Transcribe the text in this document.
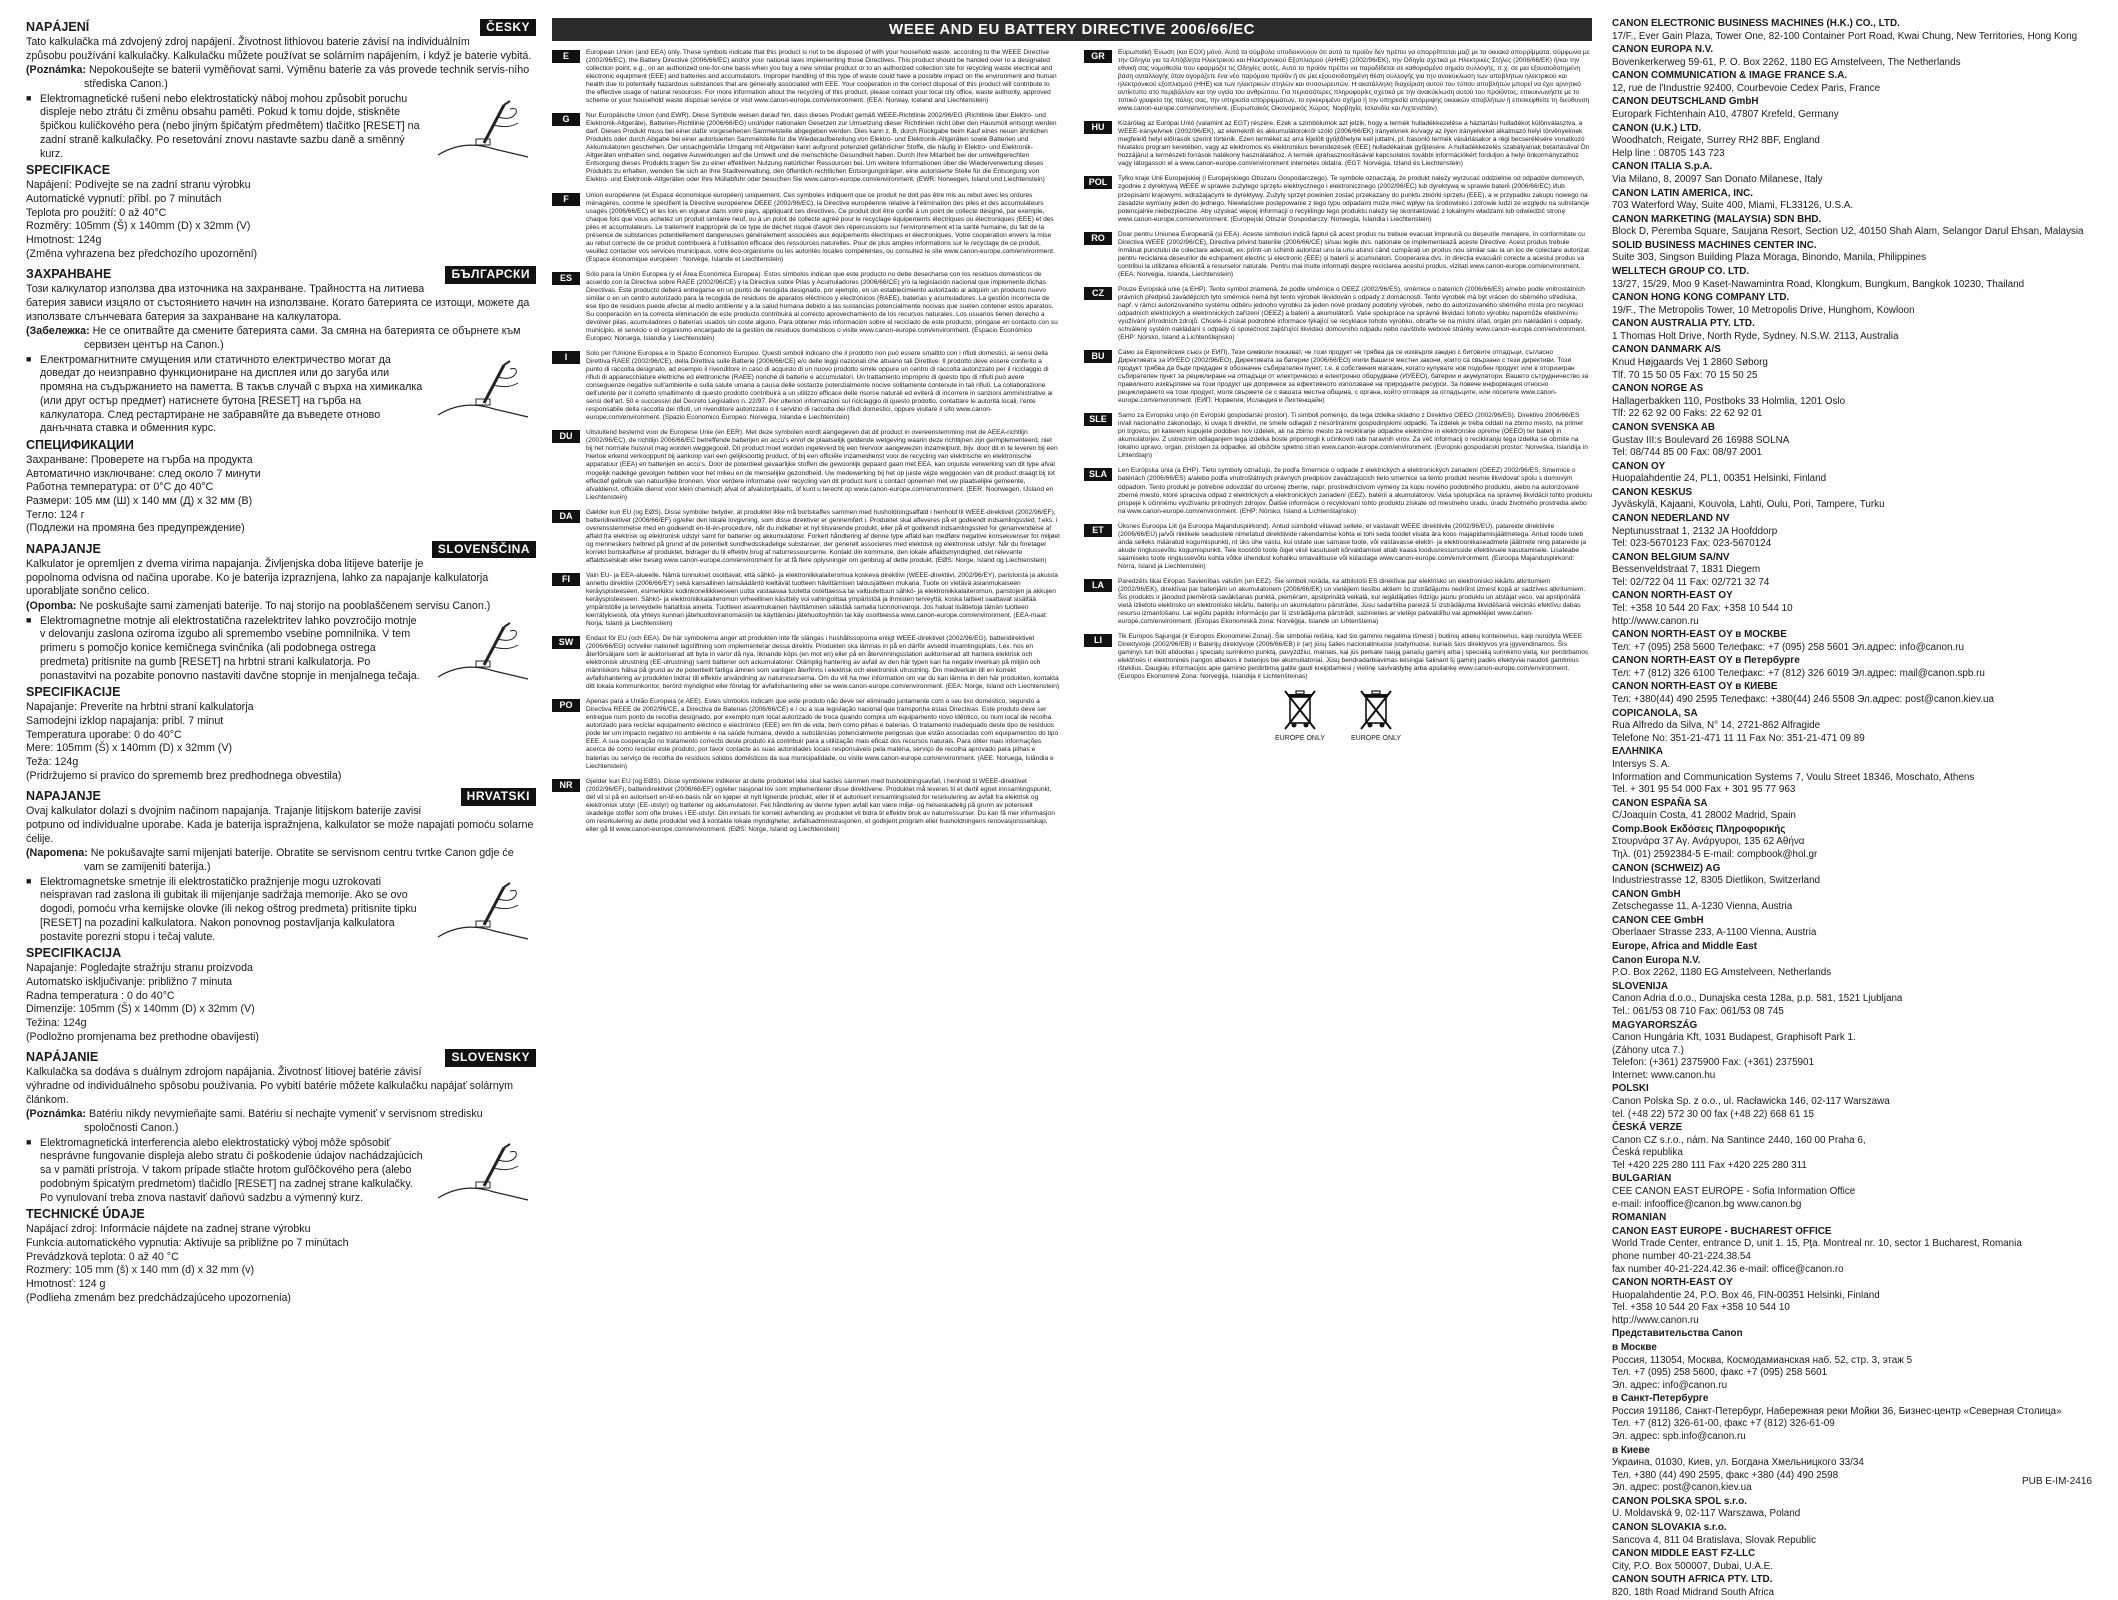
ČESKY
NAPÁJENÍ
Tato kalkulačka má zdvojený zdroj napájení. Životnost lithiovou baterie závisí na individuálním způsobu používání kalkulačky. Kalkulačku můžete používat se solárním napájením, i když je baterie vybitá.
(Poznámka: Nepokoušejte se baterii vyměňovat sami. Výměnu baterie za vás provede technik servis-ního střediska Canon.)
■ Elektromagnetické rušení nebo elektrostatický náboj mohou způsobit poruchu displeje nebo ztrátu či změnu obsahu paměti. Pokud k tomu dojde, stiskněte špičkou kuličkového pera (nebo jiným špičatým předmětem) tlačítko [RESET] na zadní straně kalkulačky. Po resetování znovu nastavte sazbu daně a směnný kurz.
SPECIFIKACE
Napájení: Podívejte se na zadní stranu výrobku
Automatické vypnutí: přibl. po 7 minutách
Teplota pro použití: 0 až 40°C
Rozměry: 105mm (Š) x 140mm (D) x 32mm (V)
Hmotnost: 124g
(Změna vyhrazena bez předchozího upozornění)
БЪЛГАРСКИ
ЗАХРАНВАНЕ
Този калкулатор използва два източника на захранване. Трайността на литиева батерия зависи изцяло от състоянието начин на използване. Когато батерията се изтощи, можете да използвате слънчевата батерия за захранване на калкулатора.
(Забележка: Не се опитвайте да смените батерията сами. За смяна на батерията се обърнете към сервизен център на Canon.)
■ Електромагнитните смущения или статичното електричество могат да доведат до неизправно функциониране на дисплея или до загуба или промяна на съдържанието на паметта. В такъв случай с върха на химикалка (или друг остър предмет) натиснете бутона [RESET] на гърба на калкулатора. След рестартиране не забравяйте да въведете отново данъчната ставка и обменния курс.
СПЕЦИФИКАЦИИ
Захранване: Проверете на гърба на продукта
Автоматично изключване: след около 7 минути
Работна температура: от 0°C до 40°C
Размери: 105 мм (Ш) х 140 мм (Д) х 32 мм (В)
Тегло: 124 г
(Подлежи на промяна без предупреждение)
SLOVENŠČINA
NAPAJANJE
Kalkulator je opremljen z dvema virima napajanja. Življenjska doba litijeve baterije je popolnoma odvisna od načina uporabe. Ko je baterija izpraznjena, lahko za napajanje kalkulatorja uporabljate sončno celico.
(Opomba: Ne poskušajte sami zamenjati baterije. To naj storijo na pooblaščenem servisu Canon.)
■ Elektromagnetne motnje ali elektrostatična razelektritev lahko povzročijo motnje v delovanju zaslona oziroma izgubo ali spremembo vsebine pomnilnika. V tem primeru s pomočjo konice kemičnega svinčnika (ali podobnega ostrega predmeta) pritisnite na gumb [RESET] na hrbtni strani kalkulatorja. Po ponastavitvi na pozabite ponovno nastaviti davčne stopnje in menjalnega tečaja.
SPECIFIKACIJE
Napajanje: Preverite na hrbtni strani kalkulatorja
Samodejni izklop napajanja: pribl. 7 minut
Temperatura uporabe: 0 do 40°C
Mere: 105mm (Š) x 140mm (D) x 32mm (V)
Teža: 124g
(Pridržujemo si pravico do sprememb brez predhodnega obvestila)
HRVATSKI
NAPAJANJE
Ovaj kalkulator dolazi s dvojnim načinom napajanja. Trajanje litijskom baterije zavisi potpuno od individualne uporabe. Kada je baterija ispražnjena, kalkulator se može napajati pomoću solarne ćelije.
(Napomena: Ne pokušavajte sami mijenjati baterije. Obratite se servisnom centru tvrtke Canon gdje će vam se zamijeniti baterija.)
■ Elektromagnetske smetnje ili elektrostatičko pražnjenje mogu uzrokovati neispravan rad zaslona ili gubitak ili mijenjanje sadržaja memorije. Ako se ovo dogodi, pomoću vrha kemijske olovke (ili nekog oštrog predmeta) pritisnite tipku [RESET] na pozadini kalkulatora. Nakon ponovnog postavljanja kalkulatora postavite porezni stopu i tečaj valute.
SPECIFIKACIJA
Napajanje: Pogledajte stražnju stranu proizvoda
Automatsko isključivanje: približno 7 minuta
Radna temperatura : 0 do 40°C
Dimenzije: 105mm (Š) x 140mm (D) x 32mm (V)
Težina: 124g
(Podložno promjenama bez prethodne obavijesti)
SLOVENSKY
NAPÁJANIE
Kalkulačka sa dodáva s duálnym zdrojom napájania. Životnosť lítiovej batérie závisí výhradne od individuálneho spôsobu používania. Po vybití batérie môžete kalkulačku napájať solárnym článkom.
(Poznámka: Batériu nikdy nevymieňajte sami. Batériu si nechajte vymeniť v servisnom stredisku spoločnosti Canon.)
■ Elektromagnetická interferencia alebo elektrostatický výboj môže spôsobiť nesprávne fungovanie displeja alebo stratu či poškodenie údajov nachádzajúcich sa v pamäti prístroja. V takom prípade stlačte hrotom guľôčkového pera (alebo podobným špicatým predmetom) tlačidlo [RESET] na zadnej strane kalkulačky. Po vynulovaní treba znova nastaviť daňovú sadzbu a výmenný kurz.
TECHNICKÉ ÚDAJE
Napájací zdroj: Informácie nájdete na zadnej strane výrobku
Funkcia automatického vypnutia: Aktivuje sa približne po 7 minútach
Prevádzková teplota: 0 až 40 °C
Rozmery: 105 mm (š) x 140 mm (d) x 32 mm (v)
Hmotnosť: 124 g
(Podlieha zmenám bez predchádzajúceho upozornenia)
WEEE AND EU BATTERY DIRECTIVE 2006/66/EC
E	European Union (and EEA) only. These symbols indicate that this product is not to be disposed of with your household waste, according to the WEEE Directive (2002/96/EC), the Battery Directive (2006/66/EC) and/or your national laws implementing those Directives. This product should be handed over to a designated collection point, e.g., on an authorized one-for-one basis when you buy a new similar product or to an authorized collection site for recycling waste electrical and electronic equipment (EEE) and batteries and accumulators. Improper handling of this type of waste could have a possible impact on the environment and human health due to potentially hazardous substances that are generally associated with EEE. Your cooperation in the correct disposal of this product will contribute to the effective usage of natural resources. For more information about the recycling of this product, please contact your local city office, waste authority, approved scheme or your household waste disposal service or visit www.canon-europe.com/environment. (EEA: Norway, Iceland and Liechtenstein)
G	Nur Europäische Union (und EWR). Diese Symbole weisen darauf hin, dass dieses Produkt gemäß WEEE-Richtlinie 2002/96/EG (Richtlinie über Elektro- und Elektronik-Altgeräte), Batterien-Richtlinie (2006/66/EG) und/oder nationalen Gesetzen zur Umsetzung dieser Richtlinien nicht über den Hausmüll entsorgt werden darf. Dieses Produkt muss bei einer dafür vorgesehenen Sammelstelle abgegeben werden. Dies kann z. B. durch Rückgabe beim Kauf eines neuen ähnlichen Produkts oder durch Abgabe bei einer autorisierten Sammelstelle für die Wiederaufbereitung von Elektro- und Elektronik-Altgeräten sowie Batterien und Akkumulatoren geschehen. Der unsachgemäße Umgang mit Altgeräten kann aufgrund potenziell gefährlicher Stoffe, die häufig in Elektro- und Elektronik-Altgeräten enthalten sind, negative Auswirkungen auf die Umwelt und die menschliche Gesundheit haben. Durch Ihre Mitarbeit bei der umweltgerechten Entsorgung dieses Produkts tragen Sie zu einer effektiven Nutzung natürlicher Ressourcen bei. Um weitere Informationen über die Wiederverwertung dieses Produkts zu erhalten, wenden Sie sich an Ihre Stadtverwaltung, den öffentlich-rechtlichen Entsorgungsträger, eine autorisierte Stelle für die Entsorgung von Elektro- und Elektronik-Altgeräten oder Ihre Müllabfuhr oder besuchen Sie www.canon-europe.com/environment. (EWR: Norwegen, Island und Liechtenstein)
F	Union européenne (et Espace économique européen) uniquement. Ces symboles indiquent que ce produit ne doit pas être mis au rebut avec les ordures ménagères, comme le spécifient la Directive européenne DEEE (2002/96/EC), la Directive européenne relative à l'élimination des piles et des accumulateurs usagés (2006/66/EC) et les lois en vigueur dans votre pays, appliquant ces directives. Ce produit doit être confié à un point de collecte désigné, par exemple, chaque fois que vous achetez un produit similaire neuf, ou à un point de collecte agréé pour le recyclage équipements électriques ou électroniques (EEE) et des piles et accumulateurs. Le traitement inapproprié de ce type de déchet risque d'avoir des répercussions sur l'environnement et la santé humaine, du fait de la présence de substances potentiellement dangereuses généralement associées aux équipements électriques et électroniques. Votre coopération envers la mise au rebut correcte de ce produit contribuera à l'utilisation efficace des ressources naturelles. Pour de plus amples informations sur le recyclage de ce produit, veuillez contacter vos services municipaux, votre éco-organisme ou les autorités locales compétentes, ou consultez le site www.canon-europe.com/environment. (Espace économique européen : Norvège, Islande et Liechtenstein)
ES	Sólo para la Unión Europea (y el Área Económica Europea). Estos símbolos indican que este producto no debe desecharse con los residuos domésticos de acuerdo con la Directiva sobre RAEE (2002/96/CE) y la Directiva sobre Pilas y Acumuladores (2006/66/CE) y/o la legislación nacional que implemente dichas Directivas. Este producto deberá entregarse en un punto de recogida designado, por ejemplo, en un establecimiento autorizado al adquirir un producto nuevo similar o en un centro autorizado para la recogida de residuos de aparatos eléctricos y electrónicos (RAEE), baterías y acumuladores. La gestión incorrecta de ese tipo de residuos puede afectar al medio ambiente y a la salud humana debido a las sustancias potencialmente nocivas que suelen contener estos aparatos. Su cooperación en la correcta eliminación de este producto contribuirá al correcto aprovechamiento de los recursos naturales. Los usuarios tienen derecho a devolver pilas, acumuladores o baterías usados sin coste alguno. Para obtener más información sobre el reciclado de este producto, póngase en contacto con su municipio, el servicio o el organismo encargado de la gestión de residuos domésticos o visite www.canon-europe.com/environment. (Espacio Económico Europeo: Noruega, Islandia y Liechtenstein)
I	Solo per l'Unione Europea e lo Spazio Economico Europeo. Questi simboli indicano che il prodotto non può essere smaltito con i rifiuti domestici, ai sensi della Direttiva RAEE (2002/96/CE), della Direttiva sulle Batterie (2006/66/CE) e/o delle leggi nazionali che attuano tali Direttive. Il prodotto deve essere conferito a punto di raccolta designato, ad esempio il rivenditore in caso di acquisto di un nuovo prodotto simile oppure un centro di raccolta autorizzato per il riciclaggio di rifiuti di apparecchiature elettriche ed elettroniche (RAEE) nonché di batterie e accumulatori. Un trattamento improprio di questo tipo di rifiuti può avere conseguenze negative sull'ambiente e sulla salute umana a causa delle sostanze potenzialmente nocive solitamente contenute in tali rifiuti. La collaborazione dell'utente per il corretto smaltimento di questo prodotto contribuirà a un utilizzo efficace delle risorse naturali ed eviterà di incorrere in sanzioni amministrative ai sensi dell'art. 50 e successivi del Decreto Legislativo n. 22/97. Per ulteriori informazioni sul riciclaggio di questo prodotto, contattare le autorità locali, l'ente responsabile della raccolta dei rifiuti, un rivenditore autorizzato o il servizio di raccolta dei rifiuti domestici, oppure visitare il sito www.canon-europe.com/environment. (Spazio Economico Europeo: Norvegia, Islanda e Liechtenstein)
DU	Uitsluitend bestemd voor de Europese Unie (en EER). Met deze symbolen wordt aangegeven dat dit product in overeenstemming met de AEEA-richtlijn (2002/96/EC), de richtlijn 2006/66/EC betreffende batterijen en accu's en/of de plaatselijk geldende wetgeving waarin deze richtlijnen zijn geïmplementeerd, niet bij het normale huisvuil mag worden weggegooid. Dit product moet worden ingeleverd bij een hiervoor aangewezen inzamelpunt, bijv. door dit in te leveren bij een hiertoe erkend verkooppunt bij aankoop van een gelijksoortig product, of bij een officiële inzameldienst voor de recycling van elektrische en elektronische apparatuur (EEA) en batterijen en accu's. Door de potentieel gevaarlijke stoffen die gewoonlijk gepaard gaan met EEA, kan onjuiste verwerking van dit type afval mogelijk nadelige gevolgen hebben voor het milieu en de menselijke gezondheid. Uw medewerking bij het op juiste wijze weggooien van dit product draagt bij tot effectief gebruik van natuurlijke bronnen. Voor verdere informatie over recycling van dit product kunt u contact opnemen met uw plaatselijke gemeente, afvaldienst, officiële dienst voor klein chemisch afval of afvalstortplaats, of kunt u terecht op www.canon-europe.com/environment. (EER: Noorwegen, IJsland en Liechtenstein)
DA	Gælder kun EU (og EØS). Disse symboler betyder, at produktet ikke må bortskaffes sammen med husholdningsaffald i henhold til WEEE-direktivet (2002/96/EF), batteridirektivet (2006/66/EF) og/eller den lokale lovgivning, som disse direktiver er gennemført i. Produktet skal afleveres på et godkendt indsamlingssted, f.eks. i overensstemmelse med en godkendt én-til-én-procedure, når du indkøber et nyt tilsvarende produkt, eller på et godkendt indsamlingssted for genanvendelse af affald fra elektrisk og elektronisk udstyr samt for batterier og akkumulatorer. Forkert håndtering af denne type affald kan medføre negative konsekvenser for miljøet og menneskers helbred på grund af de potentielt sundhedsskadelige substanser, der generelt associeres med elektrisk og elektronisk udstyr. Når du foretager korrekt bortskaffelse af produktet, bidrager du til effektiv brug af naturressourcerne. Kontakt din kommune, den lokale affaldsmyndighed, det relevante affaldsselskab eller besøg www.canon-europe.com/environment for at få flere oplysninger om genbrug af dette produkt. (EØS: Norge, Island og Liechtenstein)
FI	Vain EU- ja EEA-alueelle. Nämä tunnukset osoittavat, että sähkö- ja elektroniikkalaiteromua koskeva direktiivi (WEEE-direktiivi, 2002/96/EY), paristoista ja akuista annettu direktiivi (2006/66/EY) sekä kansallinen lainsäädäntö kieltävät tuotteen hävittämisen talousjätteen mukana. Tuote on vietävä asianmukaiseen keräyspisteeseen, esimerkiksi kodinkoneliikkeeseen uutta vastaavaa tuotetta ostettaessa tai valtuutettuun sähkö- ja elektroniikkalaiteromun, paristojen ja akkujen keräyspisteeseen. Sähkö- ja elektroniikkalaiteromun virheellinen käsittely voi vahingoittaa ympäristöä ja ihmisten terveyttä, koska laitteet saattavat sisältää ympäristölle ja terveydelle haitallisia aineita. Tuotteen asianmukainen hävittäminen säästää samalla luonnonvaroja. Jos haluat lisätietoja tämän tuotteen kierrätyksestä, ota yhteys kunnan jätehuoltoviranomaisiin tai käyttämäsi jätehuoltoyhtiön tai käy osoitteessa www.canon-europe.com/environment. (EEA-maat: Norja, Islanti ja Liechtenstein)
SW	Endast för EU (och EEA). De här symbolerna anger att produkten inte får slängas i hushållssoporna enligt WEEE-direktivet (2002/96/EG), batteridirektivet (2006/66/EG) och/eller nationell lagstiftning som implementerar dessa direktiv. Produkten ska lämnas in på en därför avsedd insamlingsplats, t.ex. hos en återförsäljare som är auktoriserad att byta in varor då nya, liknande köps (en mot en) eller på en återvinningsstation auktoriserad att hantera elektrisk och elektronisk utrustning (EE-utrustning) samt batterier och ackumulatorer. Olämplig hantering av avfall av den här typen kan ha negativ inverkan på miljön och människors hälsa på grund av de potentiellt farliga ämnen som vanligen återfinns i elektrisk och elektronisk utrustning. Din medverkan till en korrekt avfallshantering av produkten bidrar till effektiv användning av naturresurserna. Om du vill ha mer information om var du kan lämna in den här produkten, kontakta ditt lokala kommunkontor, berörd myndighet eller företag för avfallshantering eller se www.canon-europe.com/environment. (EEA: Norge, Island och Liechtenstein)
PO	Apenas para a União Europeia (e AEE). Estes símbolos indicam que este produto não deve ser eliminado juntamente com o seu lixo doméstico, segundo a Directiva REEE de 2002/96/CE, a Directiva de Baterias (2006/66/CE) e / ou a sua legislação nacional que transponha estas Directivas. Este produto deve ser entregue num ponto de recolha designado, por exemplo num local autorizado de troca quando compra um equipamento novo idêntico, ou num local de recolha autorizado para reciclar equipamento eléctrico e electrónico (EEE) em fim de vida, bem como pilhas e baterias. O tratamento inadequado deste tipo de resíduos pode ter um impacto negativo no ambiente e na saúde humana, devido a substâncias potencialmente perigosas que estão associadas com equipamentos do tipo EEE. A sua cooperação no tratamento correcto deste produto irá contribuir para a utilização mais eficaz dos recursos naturais. Para obter mais informações acerca de como reciclar este produto, por favor contacte as suas autoridades locais responsáveis pela matéria, serviço de recolha aprovado para pilhas e baterias ou serviço de recolha de resíduos sólidos domésticos da sua municipalidade, ou visite www.canon-europe.com/environment. (AEE: Noruega, Islândia e Liechtenstein)
NR	Gjelder kun EU (og EØS). Disse symbolene indikerer at dette produktet ikke skal kastes sammen med husholdningsavfall, i henhold til WEEE-direktivet (2002/96/EF), batteridirektivet (2006/66/EF) og/eller nasjonal lov som implementerer disse direktivene. Produktet må leveres til et dertil egnet innsamlingspunkt, det vil si på en autorisert en-til-en-basis når en kjøper et nytt lignende produkt, eller til et autorisert innsamlingssted for resirkulering av avfall fra elektrisk og elektronisk utstyr (EE-utstyr) og batterier og akkumulatorer. Feil håndtering av denne typen avfall kan være miljø- og helseskadelig på grunn av potensielt skadelige stoffer som ofte brukes i EE-utstyr. Din innsats for korrekt avhending av produktet vil bidra til effektiv bruk av naturressurser. Du kan få mer informasjon om resirkulering av dette produktet ved å kontakte lokale myndigheter, avfallsadministrasjonen, et godkjent program eller husholdningens renovasjonsselskap, eller gå til www.canon-europe.com/environment. (EØS: Norge, Island og Liechtenstein)
GR	Ευρωπαϊκή Ένωση (και ΕΟΧ) μόνο. Αυτά τα σύμβολα υποδεικνύουν ότι αυτό το προϊόν δεν πρέπει να απορρίπτεται μαζί με τα οικιακά απορρίμματα, σύμφωνα με την Οδηγία για τα Απόβλητα Ηλεκτρικού και Ηλεκτρονικού Εξοπλισμού (ΑΗΗΕ) (2002/96/ΕΚ), την Οδηγία σχετικά με Ηλεκτρικές Στήλες (2006/66/ΕΚ) ή/και την εθνική σας νομοθεσία που εφαρμόζει τις Οδηγίες αυτές. Αυτό το προϊόν πρέπει να παραδίδεται σε καθορισμένο σημείο συλλογής, π.χ. σε μια εξουσιοδοτημένη βάση ανταλλαγής όταν αγοράζετε ένα νέο παρόμοιο προϊόν ή σε μια εξουσιοδοτημένη θέση συλλογής για την ανακύκλωση των αποβλήτων ηλεκτρικού και ηλεκτρονικού εξοπλισμού (ΗΗΕ) και των ηλεκτρικών στηλών και συσσωρευτών. Η ακατάλληλη διαχείριση αυτού του τύπου αποβλήτων μπορεί να έχει αρνητικό αντίκτυπο στο περιβάλλον και την υγεία του ανθρώπου. Για περισσότερες πληροφορίες σχετικά με την ανακύκλωση αυτού του προϊόντος, επικοινωνήστε με το τοπικό γραφείο της πόλης σας, την υπηρεσία απορριμμάτων, το εγκεκριμένο σχήμα ή την υπηρεσία απόρριψης οικιακών αποβλήτων ή επισκεφθείτε τη διεύθυνση www.canon-europe.com/environment. (Ευρωπαϊκός Οικονομικός Χώρος: Νορβηγία, Ισλανδία και Λιχτενστάιν)
HU	Kizárólag az Európai Unió (valamint az EGT) részére. Ezek a szimbólumok azt jelzik, hogy a termék hulladékkezelése a háztartási hulladékot különválasztva, a WEEE-irányelvnek (2002/96/EK), az elemekről és akkumulátorokról szóló (2006/66/EK) irányelvnek és/vagy az ilyen irányelveket alkalmazó helyi törvényeknek megfelelő helyi előírások szerint történik. Ezen terméket az arra kijelölt gyűjtőhelyre kell juttatni, pl. hasonló termék vásárlásakor a régi becserélésére vonatkozó hivatalos program keretében, vagy az elektromos és elektronikus berendezések (EEE) hulladékainak gyűjtésére. A hulladékkezelés szabályainak betartásával Ön hozzájárul a természeti források hatékony használatához. A termék újrahasznosításával kapcsolatos további információkért forduljon a helyi önkormányzathoz vagy látogasson el a www.canon-europe.com/environment internetes oldalra. (EGT: Norvégia, Izland és Liechtenstein)
POL	Tylko kraje Unii Europejskiej (i Europejskiego Obszaru Gospodarczego). Te symbole oznaczają, że produkt należy wyrzucać oddzielnie od odpadów domowych, zgodnie z dyrektywą WEEE w sprawie zużytego sprzętu elektrycznego i elektronicznego (2002/96/EC) lub dyrektywą w sprawie baterii (2006/66/EC) i/lub przepisami krajowymi, wdrażającymi te dyrektywy. Zużyty sprzęt powinien zostać przekazany do punktu zbiórki sprzętu (EEE), a w przypadku zakupu nowego na zasadzie wymiany jeden do jednego. Niewłaściwe postępowanie z tego typu odpadami może mieć wpływ na środowisko i zdrowie ludzi ze względu na substancje potencjalnie niebezpieczne. Aby uzyskać więcej informacji o recyklingu tego produktu należy się skontaktować z lokalnymi władzami lub odwiedzić stronę www.canon-europe.com/environment. (Europejski Obszar Gospodarczy: Norwegia, Islandia i Liechtenstein)
RO	Doar pentru Uniunea Europeană (și EEA). Aceste simboluri indică faptul că acest produs nu trebuie evacuat împreună cu deșeurile menajere, în conformitate cu Directiva WEEE (2002/96/CE), Directiva privind bateriile (2006/66/CE) și/sau legile dvs. naționale ce implementează aceste Directive. Acest produs trebuie înmânat punctului de colectare adecvat, ex: printr-un schimb autorizat unu la unu atunci când cumpărați un produs nou similar sau la un loc de colectare autorizat pentru reciclarea deșeurilor de echipament electric și electronic (EEE) și baterii și acumulatori. Cooperarea dvs. în direcția evacuării corecte a acestui produs va contribui la utilizarea eficientă a resurselor naturale. Pentru mai multe informații despre reciclarea acestui produs, vizitați www.canon-europe.com/environment. (EEA: Norvegia, Islanda, Liechtenstein)
CZ	Pouze Evropská unie (a EHP). Tento symbol znamená, že podle směrnice o OEEZ (2002/96/ES), směrnice o bateriích (2006/66/ES) a/nebo podle vnitrostátních právních předpisů zavádějících tyto směrnice nemá být tento výrobek likvidován s odpady z domácností. Tento výrobek má být vrácen do sběrného střediska, např. v rámci autorizovaného systému odběru jednoho výrobku za jeden nově prodaný podobný výrobek, nebo do autorizovaného sběrného místa pro recyklaci odpadních elektrických a elektronických zařízení (OEEZ) a baterií a akumulátorů. Vaše spolupráce na správné likvidaci tohoto výrobku napomůže efektivnímu využívání přírodních zdrojů. Chcete-li získat podrobné informace týkající se recyklace tohoto výrobku, obraťte se na místní úřad, orgán pro nakládání s odpady, schválený systém nakládání s odpady či společnost zajišťující likvidaci domovního odpadu nebo navštivte webové stránky www.canon-europe.com/environment. (EHP: Norsko, Island a Lichtenštejnsko)
BU	Само за Европейския съюз (и ЕИП). Тези символи показват, че този продукт не трябва да се изхвърля заедно с битовите отпадъци, съгласно Директивата за ИУЕЕО (2002/96/ЕО), Директивата за батерии (2006/66/ЕО) и/или Вашите местни закони, които са свързани с тези директиви. Този продукт трябва да бъде предаден в обозначен събирателен пункт, т.е. в собствения магазин, когато купувате нов подобен продукт или в оторизиран събирателен пункт за рециклиране на отпадъци от електрическо и електронно оборудване (ИУЕЕО), батерии и акумулатори. Вашето сътрудничество за правилното изхвърляне на този продукт ще допринесе за ефективното използване на природните ресурси. За повече информация относно рециклирането на този продукт, моля свържете се с вашата местна община, с органа, който отговаря за отпадъците, или посетете www.canon-europe.com/environment. (ЕИП: Норвегия, Исландия и Лихтенщайн)
SLE	Samo za Evropsko unijo (in Evropski gospodarski prostor). Ti simboli pomenijo, da tega izdelka skladno z Direktivo OEEO (2002/96/ES), Direktivo 2006/66/ES in/ali nacionalno zakonodajo, ki uvaja ti direktivi, ne smete odlagati z nesortiranimi gospodinjskimi odpadki. Ta izdelek je treba oddati na zbirno mesto, na primer pri trgovcu, pri katerem kupujete podoben nov izdelek, ali na zbirno mesto za recikliranje odpadne električne in elektronske opreme (OEEO) ter baterij in akumulatorjev. Z ustreznim odlaganjem tega izdelka boste pripomogli k učinkoviti rabi naravnih virov. Za več informacij o recikliranju tega izdelka se obrnite na lokalno upravo, organ, pristojen za odpadke, ali obiščite spletno stran www.canon-europe.com/environment. (Evropski gospodarski prostor: Norveška, Islandija in Lihtenštajn)
SLA	Len Európska únia (a EHP). Tieto symboly označujú, že podľa Smernice o odpade z elektrických a elektronických zariadení (OEEZ) 2002/96/ES, Smernice o batériách (2006/66/ES) a/alebo podľa vnútroštátnych právnych predpisov zavádzajúcich tieto smernice sa tento produkt nesmie likvidovať spolu s domovým odpadom. Tento produkt je potrebné odovzdať do určenej zberne, napr. prostredníctvom výmeny za kúpu nového podobného produktu, alebo na autorizované zberné miesto, ktoré spracúva odpad z elektrických a elektronických zariadení (EEZ), batérií a akumulátorov. Vaša spolupráca na správnej likvidácii tohto produktu prispeje k účinnému využívaniu prírodných zdrojov. Ďalšie informácie o recyklovaní tohto produktu získate od miestneho úradu, úradu životného prostredia alebo na www.canon-europe.com/environment. (EHP: Nórsko, Island a Lichtenštajnsko)
ET	Üksnes Euroopa Liit (ja Euroopa Majanduspiirkond). Antud sümbolid viitavad sellele, et vastavalt WEEE direktiivile (2002/96/EÜ), patareide direktiivile (2006/66/EÜ) ja/või riiklikele seadustele nimetatud direktiivide rakendamise kohta ei tohi seda toodet visata ära koos majapidamisjäätmetega. Antud toode tuleb anda selleks määratud kogumispunkti, nt üks ühe vastu, kui ostate uue sarnase toote, või vastavasse elektri- ja elektroonikaseadmete jäätmete ning patareide ja akude ringlussevõtu kogumispunkti. Teie koostöö toote õigel viisil kasutuselt kõrvaldamisel aitab kaasa loodusressursside efektiivsele kasutamisele. Lisateabe saamiseks toote ringlussevõtu kohta võtke ühendust kohaliku omavalitsuse või külastage www.canon-europe.com/environment. (Euroopa Majanduspiirkond: Norra, Island ja Liechtenstein)
LA	Paredzēts tikai Eiropas Savienības valstīm (un EEZ). Šie simboli norāda, ka atbilstoši ES direktīvai par elektrisko un elektronisko iekārtu atkritumiem (2002/96/EK), direktīvai par baterijām un akumulatoriem (2006/66/EK) un vietējiem tiesību aktiem šo izstrādājumu nedrīkst izmest kopā ar sadzīves atkritumiem. Šis produkts ir jānodod piemērotā savākšanas punktā, piemēram, apstiprinātā veikalā, kur iegādājaties līdzīgu jaunu produktu un atstājat veco, vai apstiprinātā vietā izlietotu elektrisko un elektronisko iekārtu, bateriju un akumulatoru pārstrādei. Jūsu sadarbība pareizā šī izstrādājuma likvidēšanā veicinās efektīvu dabas resursu izmantošanu. Lai iegūtu papildu informāciju par šī izstrādājuma pārstrādi, sazinieties ar vietējo pašvaldību vai apmeklējiet www.canon-europe.com/environment. (Eiropas Ekonomiskā zona: Norvēģija, Islande un Lihtenšteina)
LI	Tik Europos Sąjungai (ir Europos Ekonominei Zonai). Šie simboliai reiškia, kad šio gaminio negalima išmesti į buitinių atliekų konteinerius, kaip nurodyta WEEE Direktyvoje (2002/96/EB) ir Baterijų direktyvoje (2006/66/EB) ir (ar) jūsų šalies nacionaliniuose įstatymuose, kuriais šios direktyvos yra įgyvendinamos. Šis gaminys turi būti atiduotas į specialų surinkimo punktą, pavyzdžiui, mainais, kai jūs perkate naują panašų gaminį arba į specialią surinkimo vietą, kur perdirbamos elektrinės ir elektroninės įrangos atliekos ir baterijos bei akumuliatoriai. Jūsų bendradarbiavimas teisingai šalinant šį gaminį padės efektyviai naudoti gamtinius išteklius. Daugiau informacijos apie gaminio perdirbimą galite gauti kreipdamiesi į vietinę savivaldybę arba apsilankę www.canon-europe.com/environment. (Europos Ekonominė Zona: Norvegija, Islandija ir Lichtenšteinas)
EUROPE ONLY	EUROPE ONLY
CANON ELECTRONIC BUSINESS MACHINES (H.K.) CO., LTD.
17/F., Ever Gain Plaza, Tower One, 82-100 Container Port Road, Kwai Chung, New Territories, Hong Kong
CANON EUROPA N.V.
Bovenkerkerweg 59-61, P. O. Box 2262, 1180 EG Amstelveen, The Netherlands
CANON COMMUNICATION & IMAGE FRANCE S.A.
12, rue de l'Industrie 92400, Courbevoie Cedex Paris, France
CANON DEUTSCHLAND GmbH
Europark Fichtenhain A10, 47807 Krefeld, Germany
CANON (U.K.) LTD.
Woodhatch, Reigate, Surrey RH2 8BF, England
Help line : 08705 143 723
CANON ITALIA S.p.A.
Via Milano, 8, 20097 San Donato Milanese, Italy
CANON LATIN AMERICA, INC.
703 Waterford Way, Suite 400, Miami, FL33126, U.S.A.
CANON MARKETING (MALAYSIA) SDN BHD.
Block D, Peremba Square, Saujana Resort, Section U2, 40150 Shah Alam, Selangor Darul Ehsan, Malaysia
SOLID BUSINESS MACHINES CENTER INC.
Suite 303, Singson Building Plaza Moraga, Binondo, Manila, Philippines
WELLTECH GROUP CO. LTD.
13/27, 15/29, Moo 9 Kaset-Nawamintra Road, Klongkum, Bungkum, Bangkok 10230, Thailand
CANON HONG KONG COMPANY LTD.
19/F., The Metropolis Tower, 10 Metropolis Drive, Hunghom, Kowloon
CANON AUSTRALIA PTY. LTD.
1 Thomas Holt Drive, North Ryde, Sydney. N.S.W. 2113, Australia
CANON DANMARK A/S
Knud Højgaards Vej 1 2860 Søborg
Tlf. 70 15 50 05 Fax: 70 15 50 25
CANON NORGE AS
Hallagerbakken 110, Postboks 33 Holmlia, 1201 Oslo
Tlf: 22 62 92 00 Faks: 22 62 92 01
CANON SVENSKA AB
Gustav III:s Boulevard 26 16988 SOLNA
Tel: 08/744 85 00 Fax: 08/97 2001
CANON OY
Huopalahdentie 24, PL1, 00351 Helsinki, Finland
CANON KESKUS
Jyväskylä, Kajaani, Kouvola, Lahti, Oulu, Pori, Tampere, Turku
CANON NEDERLAND NV
Neptunusstraat 1, 2132 JA Hoofddorp
Tel: 023-5670123 Fax: 023-5670124
CANON BELGIUM SA/NV
Bessenveldstraat 7, 1831 Diegem
Tel: 02/722 04 11 Fax: 02/721 32 74
CANON NORTH-EAST OY
Tel: +358 10 544 20 Fax: +358 10 544 10
http://www.canon.ru
CANON NORTH-EAST OY в МОСКВЕ
Тел: +7 (095) 258 5600 Телефакс: +7 (095) 258 5601 Эл.адрес: info@canon.ru
CANON NORTH-EAST OY в Петербурге
Тел: +7 (812) 326 6100 Телефакс: +7 (812) 326 6019 Эл.адрес: mail@canon.spb.ru
CANON NORTH-EAST OY в КИЕВЕ
Тел: +380(44) 490 2595 Телефакс: +380(44) 246 5508 Эл.адрес: post@canon.kiev.ua
COPICANOLA, SA
Rua Alfredo da Silva, N° 14, 2721-862 Alfragide
Telefone No: 351-21-471 11 11 Fax No: 351-21-471 09 89
ΕΛΛΗΝΙΚΑ
Intersys S. A.
Information and Communication Systems 7, Voulu Street 18346, Moschato, Athens
Tel. + 301 95 54 000 Fax + 301 95 77 963
CANON ESPAÑA SA
C/Joaquín Costa, 41 28002 Madrid, Spain
Comp.Book Εκδόσεις Πληροφορικής
Στουρνάρα 37 Αγ. Ανάργυροι, 135 62 Αθήνα
Τηλ. (01) 2592384-5 E-mail: compbook@hol.gr
CANON (SCHWEIZ) AG
Industriestrasse 12, 8305 Dietlikon, Switzerland
CANON GmbH
Zetschegasse 11, A-1230 Vienna, Austria
CANON CEE GmbH
Oberlaaer Strasse 233, A-1100 Vienna, Austria
Europe, Africa and Middle East
Canon Europa N.V.
P.O. Box 2262, 1180 EG Amstelveen, Netherlands
SLOVENIJA
Canon Adria d.o.o., Dunajska cesta 128a, p.p. 581, 1521 Ljubljana
Tel.: 061/53 08 710 Fax: 061/53 08 745
MAGYARORSZÁG
Canon Hungária Kft, 1031 Budapest, Graphisoft Park 1.
(Záhony utca 7.)
Telefon: (+361) 2375900 Fax: (+361) 2375901
Internet: www.canon.hu
POLSKI
Canon Polska Sp. z o.o., ul. Racławicka 146, 02-117 Warszawa
tel. (+48 22) 572 30 00 fax (+48 22) 668 61 15
ČESKÁ VERZE
Canon CZ s.r.o., nám. Na Santince 2440, 160 00 Praha 6,
Česká republika
Tel +420 225 280 111 Fax +420 225 280 311
BULGARIAN
CEE CANON EAST EUROPE - Sofia Information Office
e-mail: infooffice@canon.bg www.canon.bg
ROMANIAN
CANON EAST EUROPE - BUCHAREST OFFICE
World Trade Center, entrance D, unit 1. 15, Pţa. Montreal nr. 10, sector 1 Bucharest, Romania
phone number 40-21-224.38.54
fax number 40-21-224.42.36 e-mail: office@canon.ro
CANON NORTH-EAST OY
Huopalahdentie 24, P.O. Box 46, FIN-00351 Helsinki, Finland
Tel. +358 10 544 20 Fax +358 10 544 10
http://www.canon.ru
Представительства Canon
в Москве
Россия, 113054, Москва, Космодамианская наб. 52, стр. 3, этаж 5
Тел. +7 (095) 258 5600, факс +7 (095) 258 5601
Эл. адрес: info@canon.ru
в Санкт-Петербурге
Россия 191186, Санкт-Петербург, Набережная реки Мойки 36, Бизнес-центр «Северная Столица»
Тел. +7 (812) 326-61-00, факс +7 (812) 326-61-09
Эл. адрес: spb.info@canon.ru
в Киеве
Украина, 01030, Киев, ул. Богдана Хмельницкого 33/34
Тел. +380 (44) 490 2595, факс +380 (44) 490 2598
Эл. адрес: post@canon.kiev.ua
CANON POLSKA SPOL s.r.o.
U. Moldavská 9, 02-117 Warszawa, Poland
CANON SLOVAKIA s.r.o.
Sancova 4, 811 04 Bratislava, Slovak Republic
CANON MIDDLE EAST FZ-LLC
City, P.O. Box 500007, Dubai, U.A.E.
CANON SOUTH AFRICA PTY. LTD.
820, 18th Road Midrand South Africa
PUB E-IM-2416
